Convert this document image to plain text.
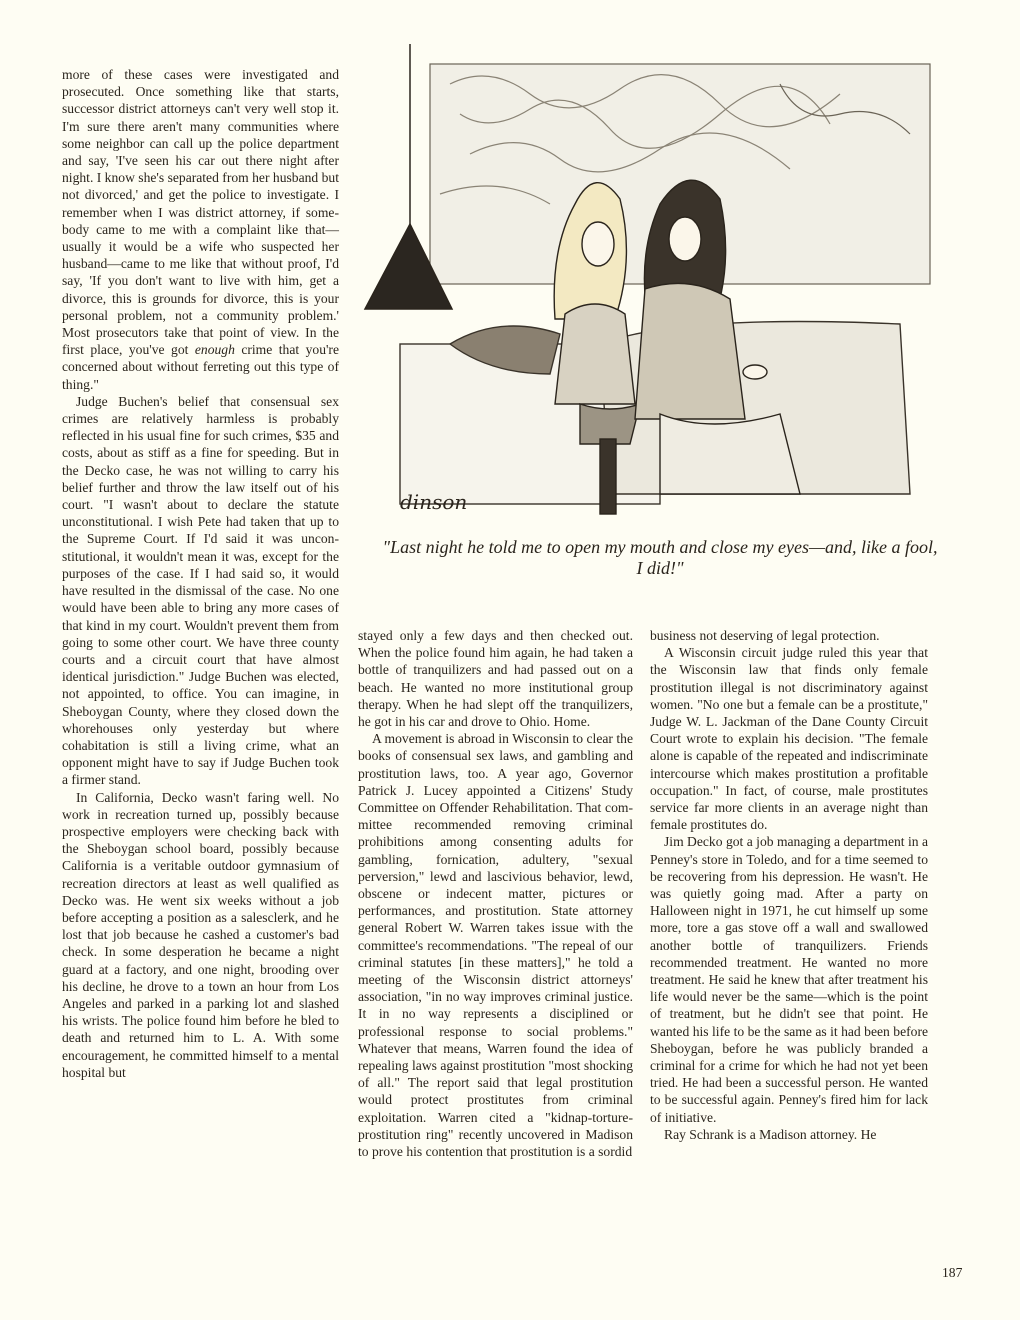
more of these cases were investigated and prosecuted. Once something like that starts, successor district attorneys can't very well stop it. I'm sure there aren't many communities where some neighbor can call up the police department and say, 'I've seen his car out there night after night. I know she's separated from her husband but not divorced,' and get the police to investigate. I remember when I was district attorney, if somebody came to me with a complaint like that—usually it would be a wife who suspected her husband—came to me like that without proof, I'd say, 'If you don't want to live with him, get a divorce, this is grounds for divorce, this is your personal problem, not a community problem.' Most prosecutors take that point of view. In the first place, you've got enough crime that you're concerned about without ferreting out this type of thing."

Judge Buchen's belief that consensual sex crimes are relatively harmless is probably reflected in his usual fine for such crimes, $35 and costs, about as stiff as a fine for speeding. But in the Decko case, he was not willing to carry his belief further and throw the law itself out of his court. "I wasn't about to declare the statute unconstitutional. I wish Pete had taken that up to the Supreme Court. If I'd said it was unconstitutional, it wouldn't mean it was, except for the purposes of the case. If I had said so, it would have resulted in the dismissal of the case. No one would have been able to bring any more cases of that kind in my court. Wouldn't prevent them from going to some other court. We have three county courts and a circuit court that have almost identical jurisdiction." Judge Buchen was elected, not appointed, to office. You can imagine, in Sheboygan County, where they closed down the whorehouses only yesterday but where cohabitation is still a living crime, what an opponent might have to say if Judge Buchen took a firmer stand.

In California, Decko wasn't faring well. No work in recreation turned up, possibly because prospective employers were checking back with the Sheboygan school board, possibly because California is a veritable outdoor gymnasium of recreation directors at least as well qualified as Decko was. He went six weeks without a job before accepting a position as a salesclerk, and he lost that job because he cashed a customer's bad check. In some desperation he became a night guard at a factory, and one night, brooding over his decline, he drove to a town an hour from Los Angeles and parked in a parking lot and slashed his wrists. The police found him before he bled to death and returned him to L. A. With some encouragement, he committed himself to a mental hospital but

dinson
"Last night he told me to open my mouth and close my eyes—and, like a fool, I did!"

stayed only a few days and then checked out. When the police found him again, he had taken a bottle of tranquilizers and had passed out on a beach. He wanted no more institutional group therapy. When he had slept off the tranquilizers, he got in his car and drove to Ohio. Home.

A movement is abroad in Wisconsin to clear the books of consensual sex laws, and gambling and prostitution laws, too. A year ago, Governor Patrick J. Lucey appointed a Citizens' Study Committee on Offender Rehabilitation. That committee recommended removing criminal prohibitions among consenting adults for gambling, fornication, adultery, "sexual perversion," lewd and lascivious behavior, lewd, obscene or indecent matter, pictures or performances, and prostitution. State attorney general Robert W. Warren takes issue with the committee's recommendations. "The repeal of our criminal statutes [in these matters]," he told a meeting of the Wisconsin district attorneys' association, "in no way improves criminal justice. It in no way represents a disciplined or professional response to social problems." Whatever that means, Warren found the idea of repealing laws against prostitution "most shocking of all." The report said that legal prostitution would protect prostitutes from criminal exploitation. Warren cited a "kidnap-torture-prostitution ring" recently uncovered in Madison to prove his contention that prostitution is a sordid

business not deserving of legal protection.

A Wisconsin circuit judge ruled this year that the Wisconsin law that finds only female prostitution illegal is not discriminatory against women. "No one but a female can be a prostitute," Judge W. L. Jackman of the Dane County Circuit Court wrote to explain his decision. "The female alone is capable of the repeated and indiscriminate intercourse which makes prostitution a profitable occupation." In fact, of course, male prostitutes service far more clients in an average night than female prostitutes do.

Jim Decko got a job managing a department in a Penney's store in Toledo, and for a time seemed to be recovering from his depression. He wasn't. He was quietly going mad. After a party on Halloween night in 1971, he cut himself up some more, tore a gas stove off a wall and swallowed another bottle of tranquilizers. Friends recommended treatment. He wanted no more treatment. He said he knew that after treatment his life would never be the same—which is the point of treatment, but he didn't see that point. He wanted his life to be the same as it had been before Sheboygan, before he was publicly branded a criminal for a crime for which he had not yet been tried. He had been a successful person. He wanted to be successful again. Penney's fired him for lack of initiative.

Ray Schrank is a Madison attorney. He

187
